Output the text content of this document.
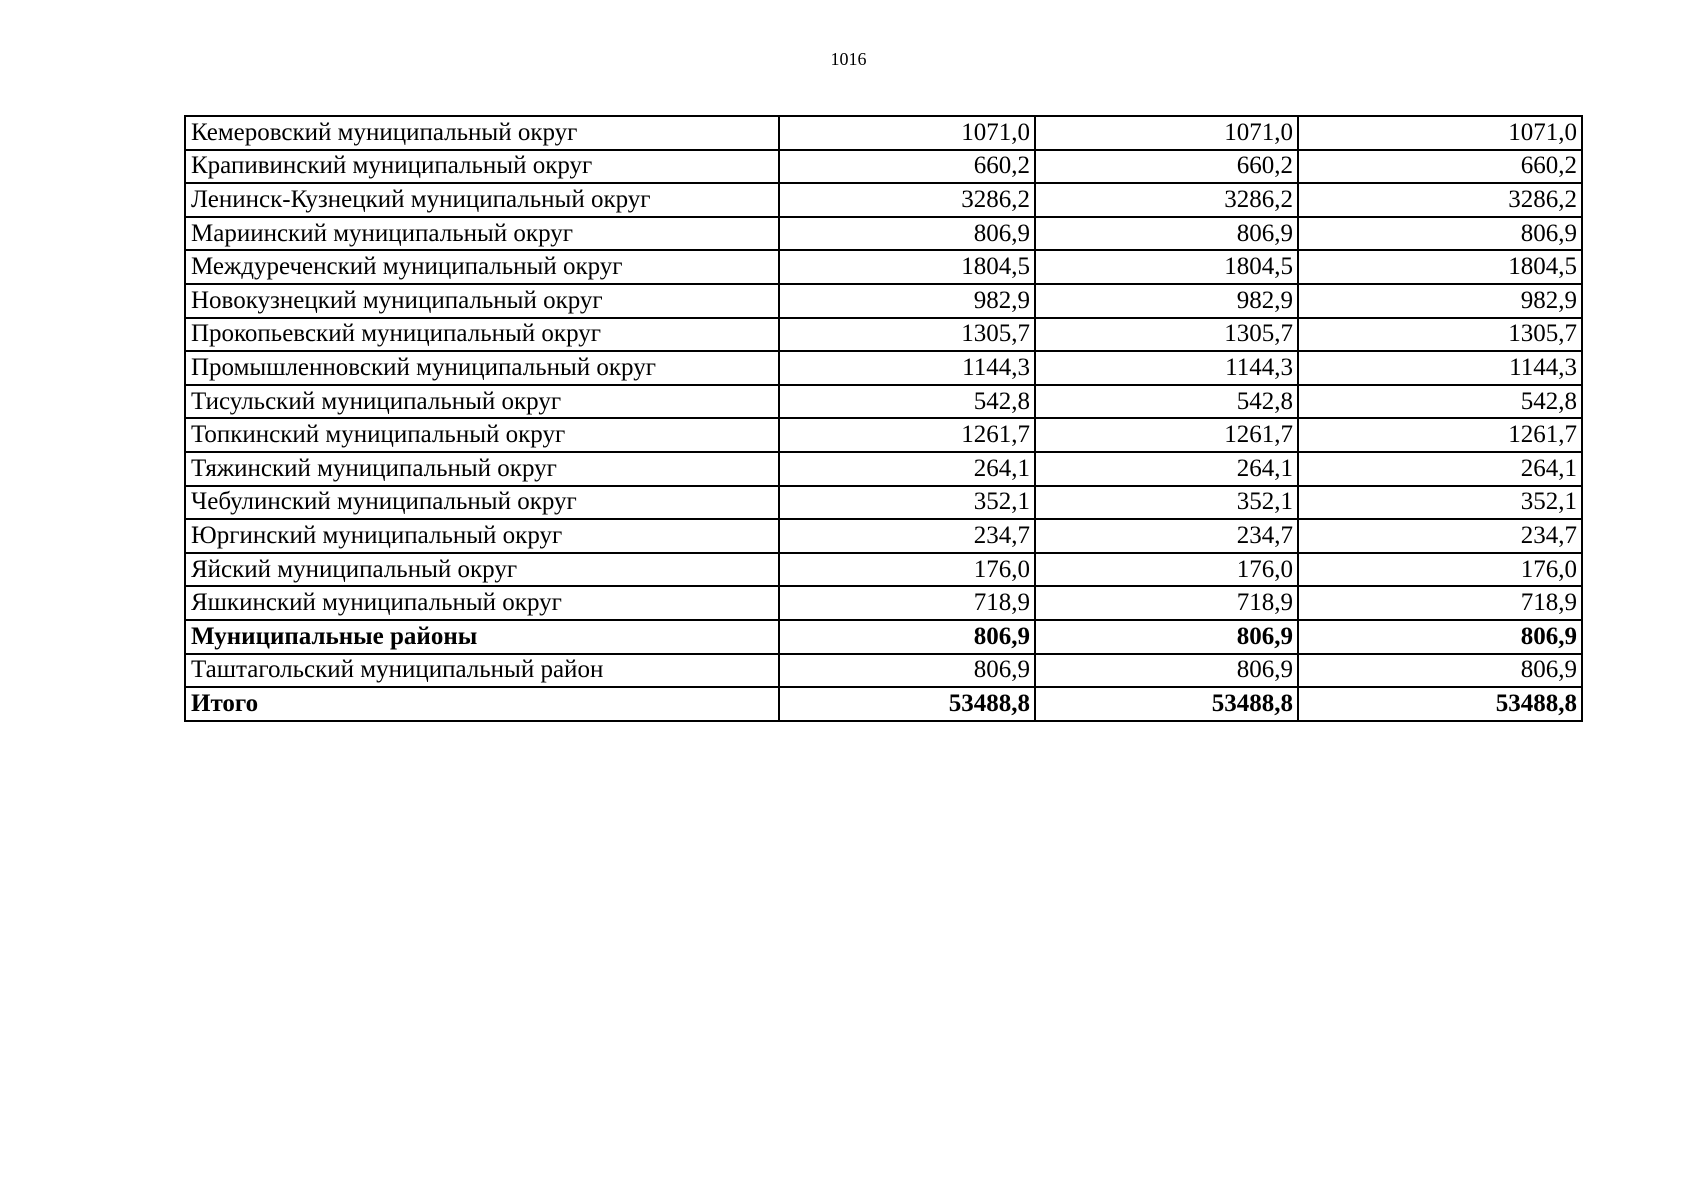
1016
Кемеровский муниципальный округ	1071,0	1071,0	1071,0
Крапивинский муниципальный округ	660,2	660,2	660,2
Ленинск-Кузнецкий муниципальный округ	3286,2	3286,2	3286,2
Мариинский муниципальный округ	806,9	806,9	806,9
Междуреченский муниципальный округ	1804,5	1804,5	1804,5
Новокузнецкий муниципальный округ	982,9	982,9	982,9
Прокопьевский муниципальный округ	1305,7	1305,7	1305,7
Промышленновский муниципальный округ	1144,3	1144,3	1144,3
Тисульский муниципальный округ	542,8	542,8	542,8
Топкинский муниципальный округ	1261,7	1261,7	1261,7
Тяжинский муниципальный округ	264,1	264,1	264,1
Чебулинский муниципальный округ	352,1	352,1	352,1
Юргинский муниципальный округ	234,7	234,7	234,7
Яйский муниципальный округ	176,0	176,0	176,0
Яшкинский муниципальный округ	718,9	718,9	718,9
Муниципальные районы	806,9	806,9	806,9
Таштагольский муниципальный район	806,9	806,9	806,9
Итого	53488,8	53488,8	53488,8
